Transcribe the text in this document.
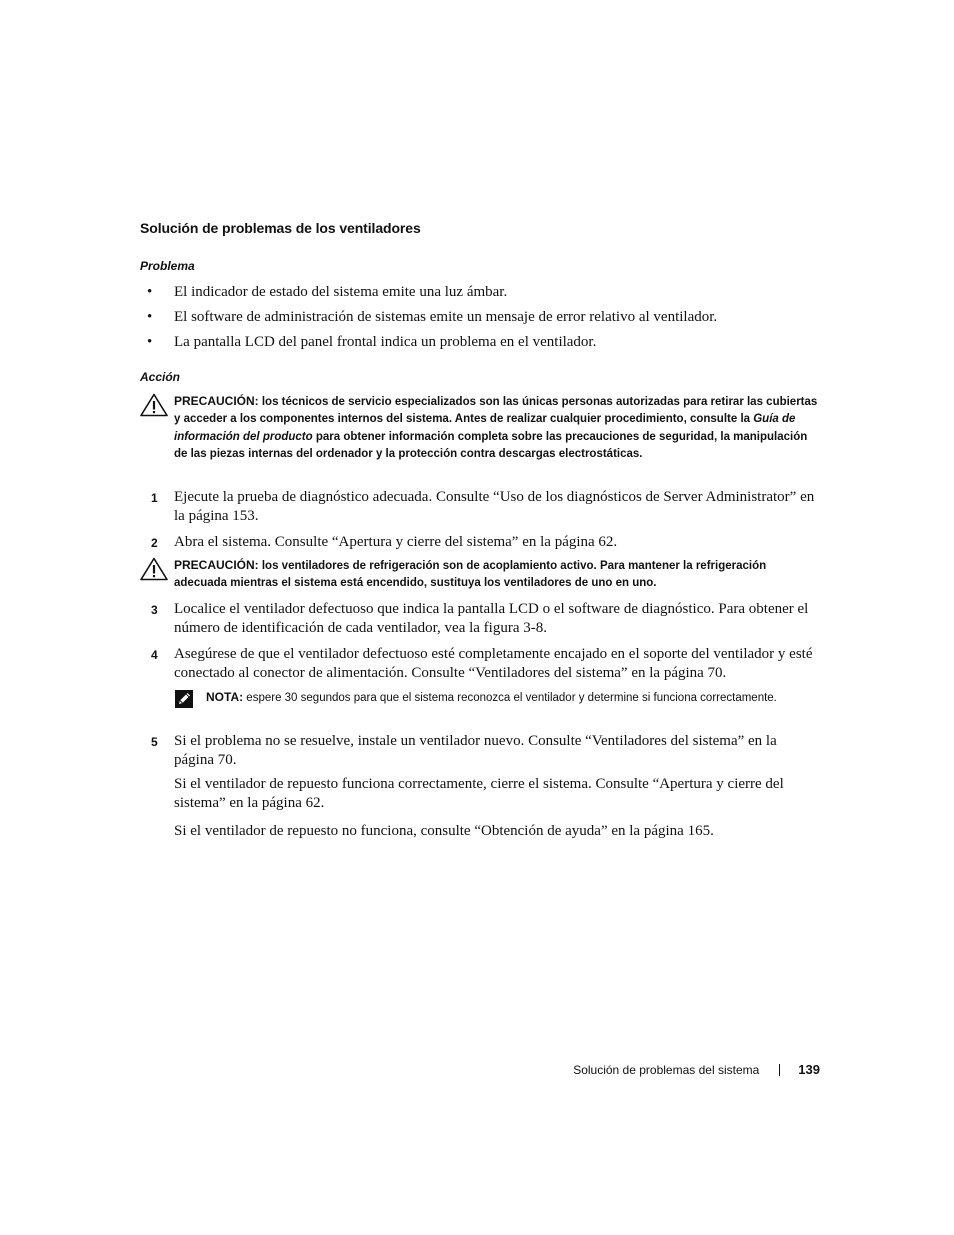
Solución de problemas de los ventiladores
Problema
• El indicador de estado del sistema emite una luz ámbar.
• El software de administración de sistemas emite un mensaje de error relativo al ventilador.
• La pantalla LCD del panel frontal indica un problema en el ventilador.
Acción
PRECAUCIÓN: los técnicos de servicio especializados son las únicas personas autorizadas para retirar las cubiertas y acceder a los componentes internos del sistema. Antes de realizar cualquier procedimiento, consulte la Guía de información del producto para obtener información completa sobre las precauciones de seguridad, la manipulación de las piezas internas del ordenador y la protección contra descargas electrostáticas.
1 Ejecute la prueba de diagnóstico adecuada. Consulte “Uso de los diagnósticos de Server Administrator” en la página 153.
2 Abra el sistema. Consulte “Apertura y cierre del sistema” en la página 62.
PRECAUCIÓN: los ventiladores de refrigeración son de acoplamiento activo. Para mantener la refrigeración adecuada mientras el sistema está encendido, sustituya los ventiladores de uno en uno.
3 Localice el ventilador defectuoso que indica la pantalla LCD o el software de diagnóstico. Para obtener el número de identificación de cada ventilador, vea la figura 3-8.
4 Asegúrese de que el ventilador defectuoso esté completamente encajado en el soporte del ventilador y esté conectado al conector de alimentación. Consulte “Ventiladores del sistema” en la página 70.
NOTA: espere 30 segundos para que el sistema reconozca el ventilador y determine si funciona correctamente.
5 Si el problema no se resuelve, instale un ventilador nuevo. Consulte “Ventiladores del sistema” en la página 70.
Si el ventilador de repuesto funciona correctamente, cierre el sistema. Consulte “Apertura y cierre del sistema” en la página 62.
Si el ventilador de repuesto no funciona, consulte “Obtención de ayuda” en la página 165.
Solución de problemas del sistema	139
